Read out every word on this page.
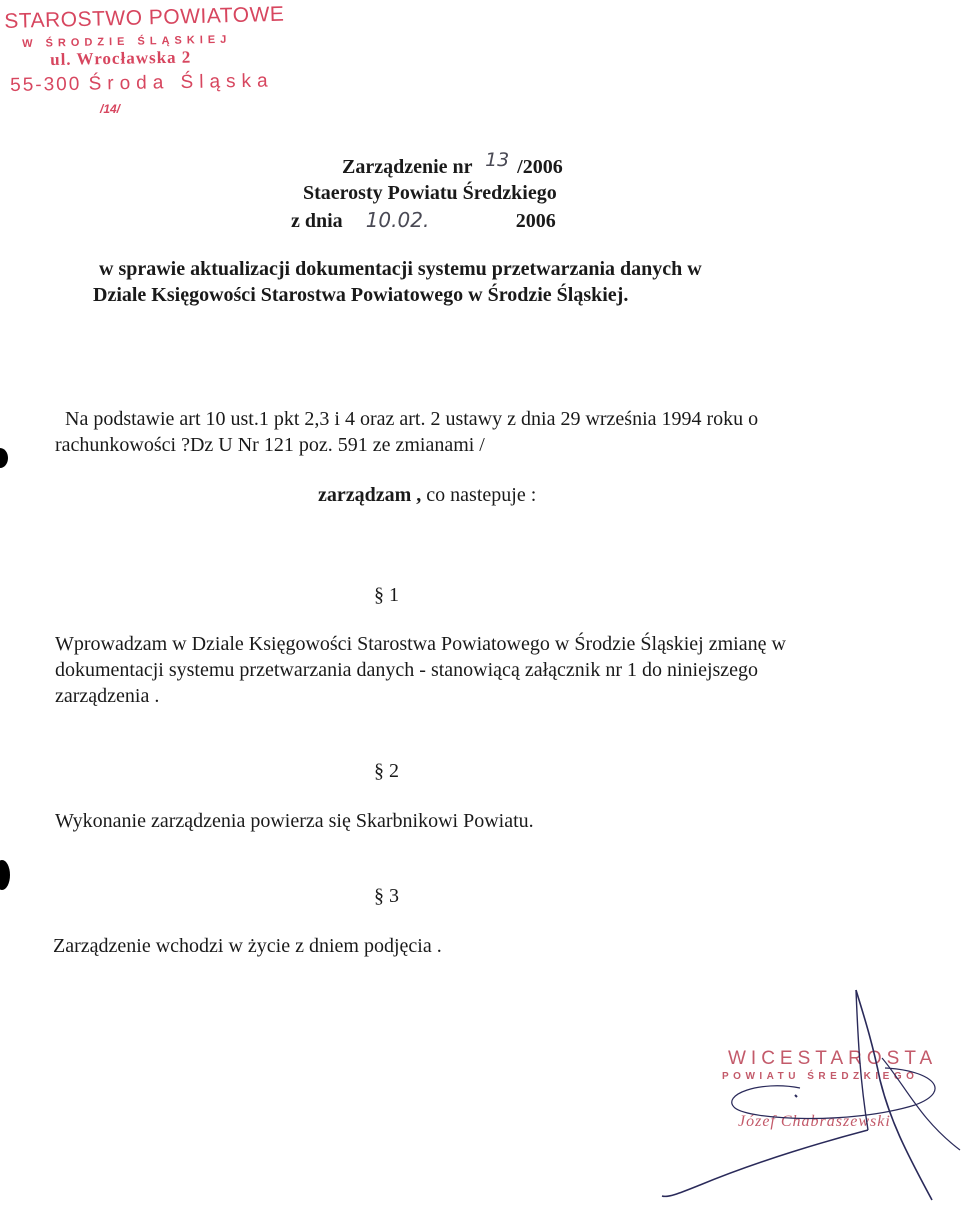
STAROSTWO POWIATOWE
W ŚRODZIE ŚLĄSKIEJ
ul. Wrocławska 2
55-300 Środa Śląska
/14/
Zarządzenie nr 13 /2006
Staerosty Powiatu Średzkiego
z dnia 10.02.	2006
w sprawie aktualizacji dokumentacji systemu przetwarzania danych w
Dziale Księgowości Starostwa Powiatowego w Środzie Śląskiej.
Na podstawie art 10 ust.1 pkt 2,3 i 4 oraz art. 2 ustawy z dnia 29 września 1994 roku o
rachunkowości ?Dz U Nr 121 poz. 591 ze zmianami /
zarządzam , co nastepuje :
§ 1
Wprowadzam w Dziale Księgowości Starostwa Powiatowego w Środzie Śląskiej zmianę w
dokumentacji systemu przetwarzania danych - stanowiącą załącznik nr 1 do niniejszego
zarządzenia .
§ 2
Wykonanie zarządzenia powierza się Skarbnikowi Powiatu.
§ 3
Zarządzenie wchodzi w życie z dniem podjęcia .
WICESTAROSTA
POWIATU ŚREDZKIEGO
Józef Chabraszewski
